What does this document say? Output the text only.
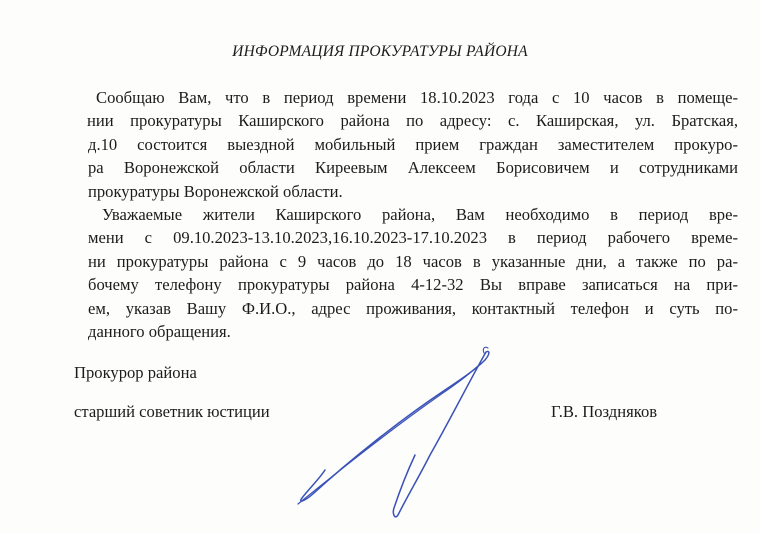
ИНФОРМАЦИЯ ПРОКУРАТУРЫ РАЙОНА
Сообщаю Вам, что в период времени 18.10.2023 года с 10 часов в помеще-
нии прокуратуры Каширского района по адресу: с. Каширская, ул. Братская,
д.10 состоится выездной мобильный прием граждан заместителем прокуро-
ра Воронежской области Киреевым Алексеем Борисовичем и сотрудниками
прокуратуры Воронежской области.
Уважаемые жители Каширского района, Вам необходимо в период вре-
мени с 09.10.2023-13.10.2023,16.10.2023-17.10.2023 в период рабочего време-
ни прокуратуры района с 9 часов до 18 часов в указанные дни, а также по ра-
бочему телефону прокуратуры района 4-12-32 Вы вправе записаться на при-
ем, указав Вашу Ф.И.О., адрес проживания, контактный телефон и суть по-
данного обращения.
Прокурор района
старший советник юстиции	Г.В. Поздняков
